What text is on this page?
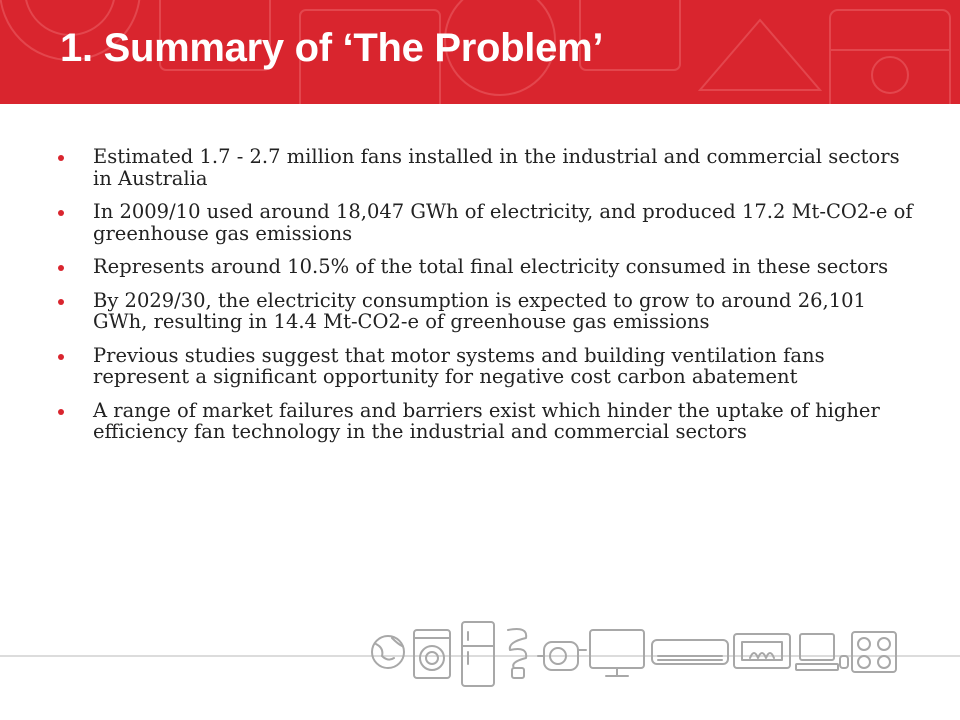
1. Summary of ‘The Problem’
Estimated 1.7 - 2.7 million fans installed in the industrial and commercial sectors in Australia
In 2009/10 used around 18,047 GWh of electricity, and produced 17.2 Mt-CO2-e of greenhouse gas emissions
Represents around 10.5% of the total final electricity consumed in these sectors
By 2029/30, the electricity consumption is expected to grow to around 26,101 GWh, resulting in 14.4 Mt-CO2-e of greenhouse gas emissions
Previous studies suggest that motor systems and building ventilation fans represent a significant opportunity for negative cost carbon abatement
A range of market failures and barriers exist which hinder the uptake of higher efficiency fan technology in the industrial and commercial sectors
